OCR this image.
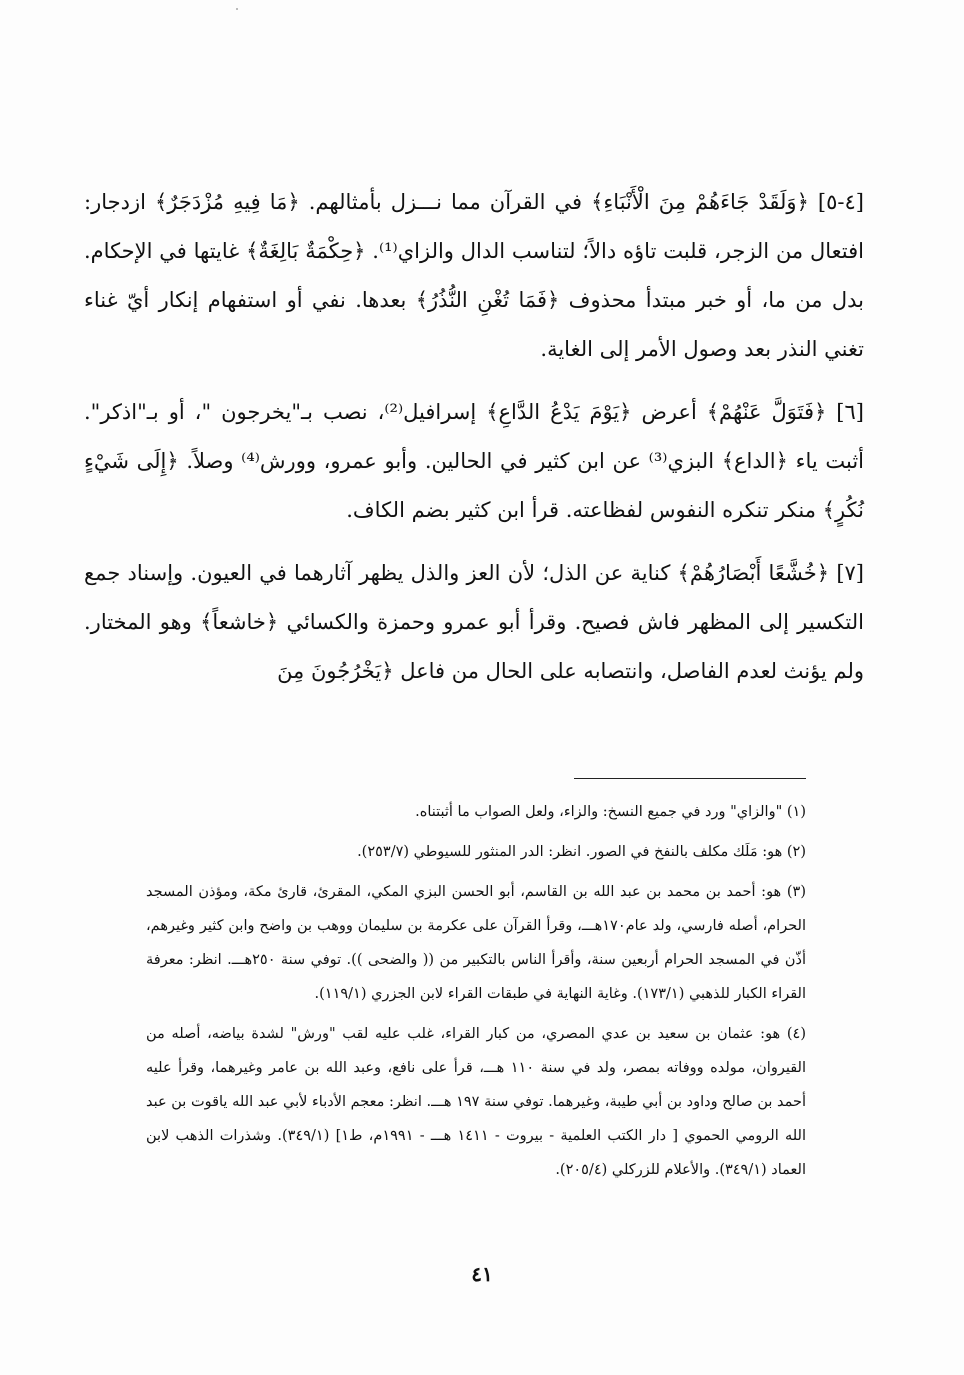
[٤-٥] ﴿وَلَقَدْ جَاءَهُمْ مِنَ الْأَنْبَاءِ﴾ في القرآن مما نـــزل بأمثالهم. ﴿مَا فِيهِ مُزْدَجَرٌ﴾ ازدجار: افتعال من الزجر، قلبت تاؤه دالاً؛ لتناسب الدال والزاي⁽¹⁾. ﴿حِكْمَةٌ بَالِغَةٌ﴾ غايتها في الإحكام. بدل من ما، أو خبر مبتدأ محذوف ﴿فَمَا تُغْنِ النُّذُرُ﴾ بعدها. نفي أو استفهام إنكار أيّ غناء تغني النذر بعد وصول الأمر إلى الغاية.

[٦] ﴿فَتَوَلَّ عَنْهُمْ﴾ أعرض ﴿يَوْمَ يَدْعُ الدَّاعِ﴾ إسرافيل⁽²⁾، نصب بـ"يخرجون "، أو بـ"اذكر". أثبت ياء ﴿الداع﴾ البزي⁽³⁾ عن ابن كثير في الحالين. وأبو عمرو، وورش⁽⁴⁾ وصلاً. ﴿إِلَى شَيْءٍ نُكُرٍ﴾ منكر تنكره النفوس لفظاعته. قرأ ابن كثير بضم الكاف.

[٧] ﴿خُشَّعًا أَبْصَارُهُمْ﴾ كناية عن الذل؛ لأن العز والذل يظهر آثارهما في العيون. وإسناد جمع التكسير إلى المظهر فاش فصيح. وقرأ أبو عمرو وحمزة والكسائي ﴿خاشعاً﴾ وهو المختار. ولم يؤنث لعدم الفاصل، وانتصابه على الحال من فاعل ﴿يَخْرُجُونَ مِنَ

(١) "والزاي" ورد في جميع النسخ: والزاء، ولعل الصواب ما أثبتناه.

(٢) هو: مَلَك مكلف بالنفخ في الصور. انظر: الدر المنثور للسيوطي (٢٥٣/٧).

(٣) هو: أحمد بن محمد بن عبد الله بن القاسم، أبو الحسن البزي المكي، المقرئ، قارئ مكة، ومؤذن المسجد الحرام، أصله فارسي، ولد عام١٧٠هـــ، وقرأ القرآن على عكرمة بن سليمان ووهب بن واضح وابن كثير وغيرهم، أذّن في المسجد الحرام أربعين سنة، وأقرأ الناس بالتكبير من (( والضحى )). توفي سنة ٢٥٠هـــ. انظر: معرفة القراء الكبار للذهبي (١٧٣/١). وغاية النهاية في طبقات القراء لابن الجزري (١١٩/١).

(٤) هو: عثمان بن سعيد بن عدي المصري، من كبار القراء، غلب عليه لقب "ورش" لشدة بياضه، أصله من القيروان، مولده ووفاته بمصر، ولد في سنة ١١٠ هـــ، قرأ على نافع، وعبد الله بن عامر وغيرهما، وقرأ عليه أحمد بن صالح وداود بن أبي طيبة، وغيرهما. توفي سنة ١٩٧ هـــ. انظر: معجم الأدباء لأبي عبد الله ياقوت بن عبد الله الرومي الحموي [ دار الكتب العلمية - بيروت - ١٤١١ هـــ - ١٩٩١م، ط١] (٣٤٩/١). وشذرات الذهب لابن العماد (٣٤٩/١). والأعلام للزركلي (٢٠٥/٤).

٤١
